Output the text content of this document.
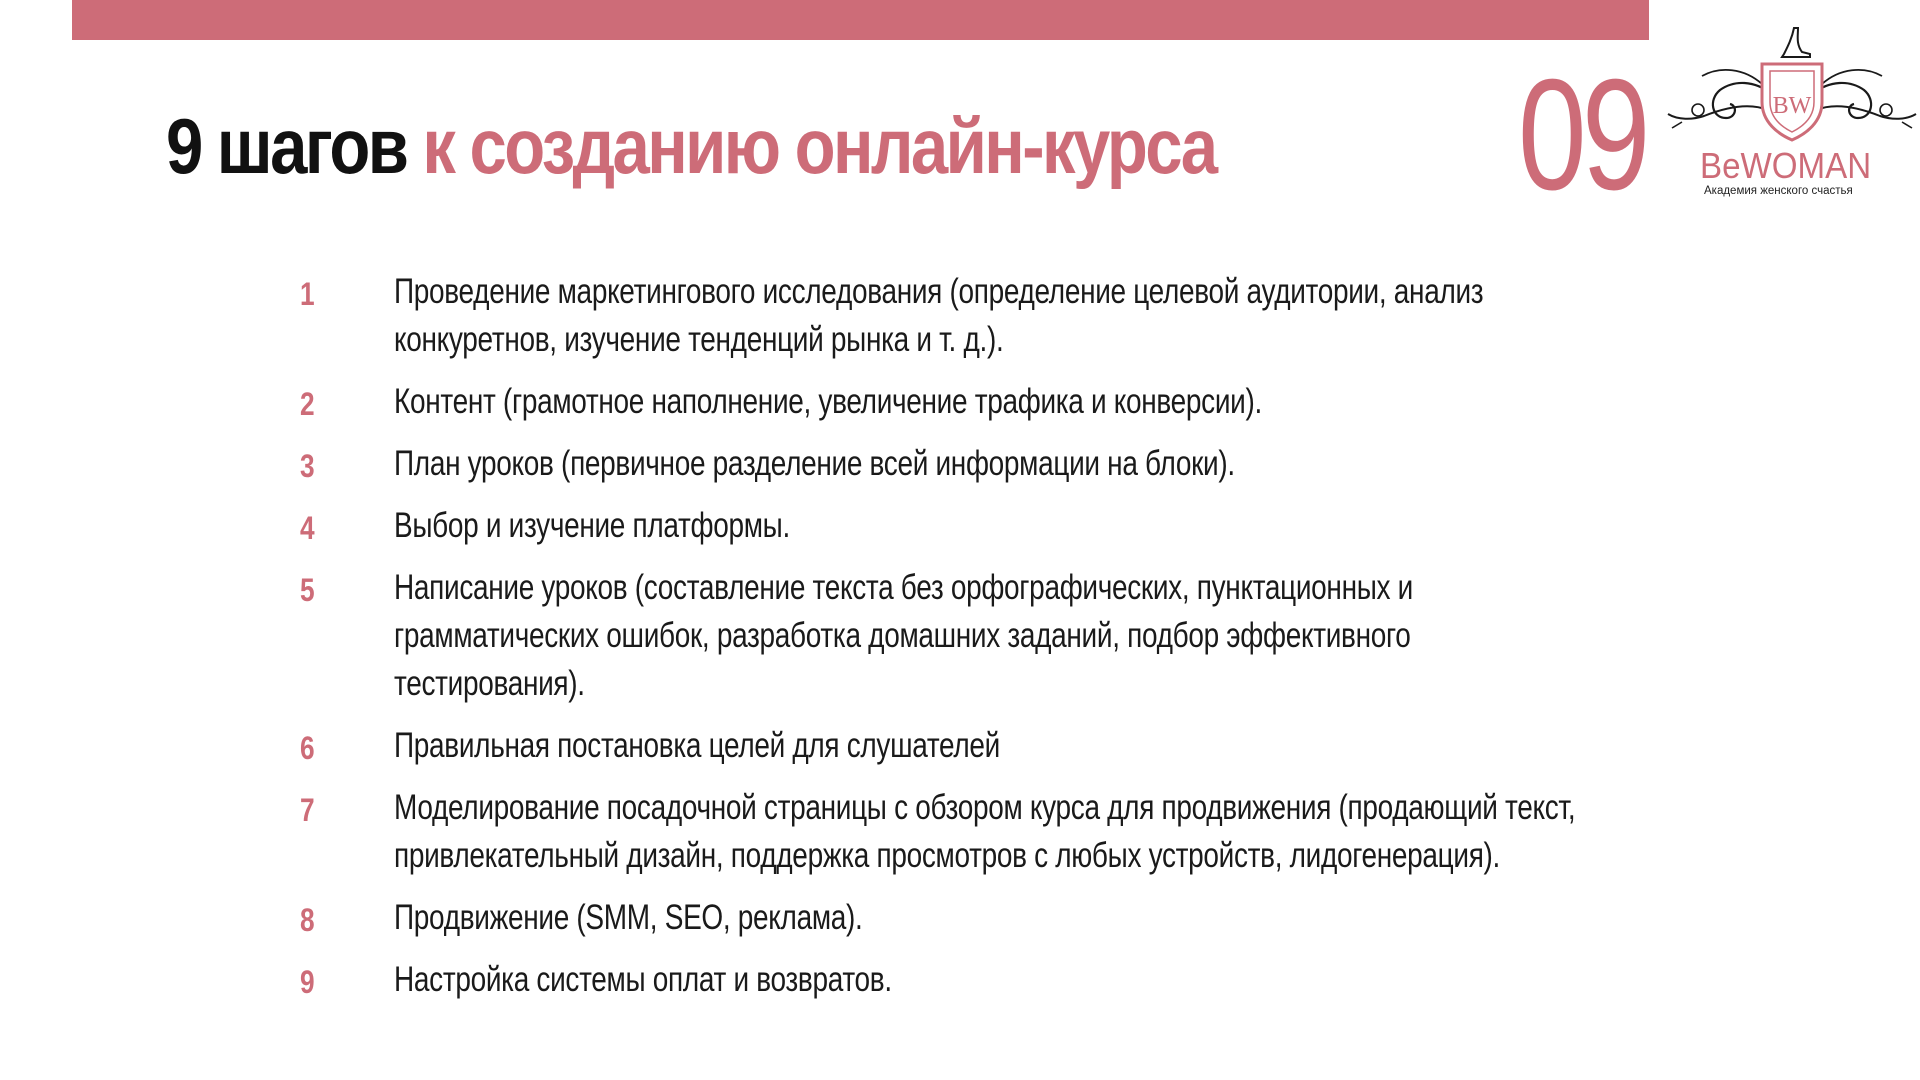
9 шагов к созданию онлайн-курса 09	BW
BeWOMAN
Академия женского счастья
1 Проведение маркетингового исследования (определение целевой аудитории, анализ конкуретнов, изучение тенденций рынка и т. д.).
2 Контент (грамотное наполнение, увеличение трафика и конверсии).
3 План уроков (первичное разделение всей информации на блоки).
4 Выбор и изучение платформы.
5 Написание уроков (составление текста без орфографических, пунктационных и грамматических ошибок, разработка домашних заданий, подбор эффективного тестирования).
6 Правильная постановка целей для слушателей
7 Моделирование посадочной страницы с обзором курса для продвижения (продающий текст, привлекательный дизайн, поддержка просмотров с любых устройств, лидогенерация).
8 Продвижение (SMM, SEO, реклама).
9 Настройка системы оплат и возвратов.
